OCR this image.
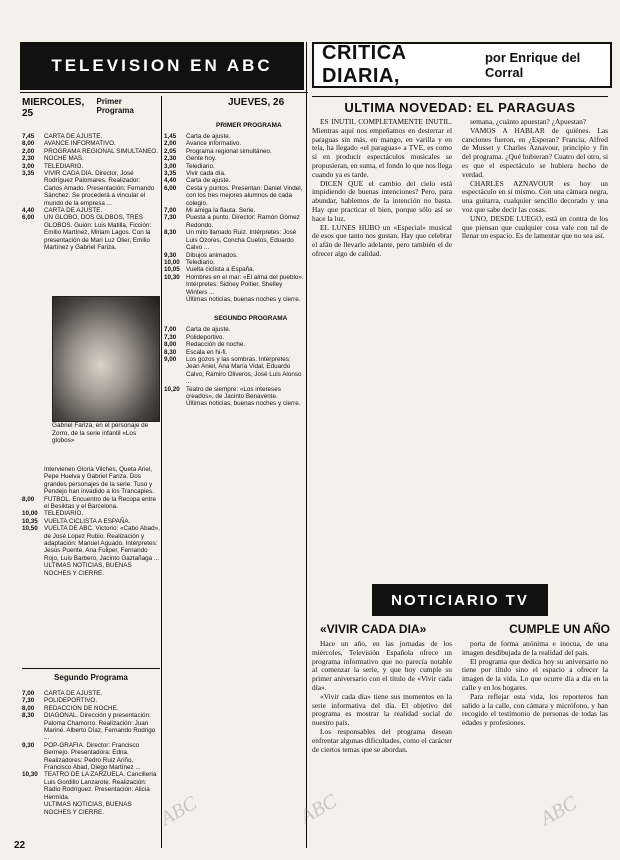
TELEVISION EN ABC
CRITICA DIARIA,
por Enrique del Corral
MIERCOLES, 25
Primer Programa
7,45	CARTA DE AJUSTE.
8,00	AVANCE INFORMATIVO.
2,00	PROGRAMA REGIONAL SIMULTANEO.
2,30	NOCHE MAS.
3,00	TELEDIARIO.
3,35	VIVIR CADA DIA. Director, José Rodríguez Palomares. Realizador: Carlos Amado. Presentación: Fernando Sánchez. Se procederá a vincular el mundo de la empresa ...
4,40	CARTA DE AJUSTE.
6,00	UN GLOBO, DOS GLOBOS, TRES GLOBOS. Guión: Luis Matilla, Ficción: Emilio Martínez, Miriam Lagos. Con la presentación de Mari Luz Olier, Emilio Martínez y Gabriel Fariza.
Gabriel Fariza, en el personaje de Zorro, de la serie infantil «Los globos»
Intervienen Gloria Vilches, Queta Ariel, Pepe Huelva y Gabriel Fariza. Dos grandes personajes de la serie: Tuso y Pendejo han invadido a los Trancapies.
8,00	FUTBOL. Encuentro de la Recopa entre el Besiktas y el Barcelona.
10,00 TELEDIARIO.
10,35 VUELTA CICLISTA A ESPAÑA.
10,50 VUELTA DE ABC. Victorio: «Cabo Abad», de José Lopez Rubio. Realización y adaptación: Manuel Aguado. Intérpretes: Jesús Puente, Ana Fuliper, Fernando Rojo, Luis Barbero, Jacinto Gaztañaga ...
ULTIMAS NOTICIAS, BUENAS NOCHES Y CIERRE.
Segundo Programa
7,00	CARTA DE AJUSTE.
7,30	POLIDEPORTIVO.
8,00	REDACCION DE NOCHE.
8,30	DIAGONAL. Dirección y presentación: Paloma Chamorro. Realización: Juan Mariné. Alberto Díaz, Fernando Rodrigo ...
9,30	POP-GRAFIA. Director: Francisco Bermejo. Presentadora: Edna. Realizadores: Pedro Ruiz Ariño, Francisco Abad, Diego Martínez ...
10,30 TEATRO DE LA ZARZUELA. Cancillería Luis Gordillo Lanzarote. Realización: Radio Rodríguez. Presentación: Alicia Hermida.
ULTIMAS NOTICIAS, BUENAS NOCHES Y CIERRE.
JUEVES, 26
PRIMER PROGRAMA
1,45	Carta de ajuste.
2,00	Avance informativo.
2,05	Programa regional simultáneo.
2,30	Gente hoy.
3,00	Telediario.
3,35	Vivir cada día.
4,40	Carta de ajuste.
6,00	Cesta y puntos. Presentan: Daniel Vindel, con los tres mejores alumnos de cada colegio.
7,00	Mi amiga la flauta. Serie.
7,30	Puesta a punto. Director: Ramón Gómez Redondo.
8,30	Un mito llamado Ruiz. Intérpretes: José Luis Ozores, Concha Cuetos, Eduardo Calvo ...
9,30	Dibujos animados.
10,00 Telediario.
10,05 Vuelta ciclista a España.
10,30 Hombres en el mar: «El alma del pueblo». Intérpretes: Sidney Poitier, Shelley Winters ...
Últimas noticias, buenas noches y cierre.
SEGUNDO PROGRAMA
7,00	Carta de ajuste.
7,30	Polideportivo.
8,00	Redacción de noche.
8,30	Escala en hi-fi.
9,00	Los gozos y las sombras. Intérpretes: Jean Aniel, Ana María Vidal, Eduardo Calvo, Ramiro Oliveros, José Luis Alonso ...
10,20 Teatro de siempre: «Los intereses creados», de Jacinto Benavente.
Últimas noticias, buenas noches y cierre.
ULTIMA NOVEDAD: EL PARAGUAS

ES INUTIL COMPLETAMENTE INUTIL. Mientras aquí nos empeñamos en desterrar el paraguas sin más, en mango, en varilla y en tela, ha llegado «el paraguas» a TVE, es como si en producir espectáculos musicales se propusieran, en suma, el fondo lo que nos llega cuando ya es tarde.

DICEN QUE el cambio del cielo está impidiendo de buenas intenciones? Pero, para abundar, hablemos de la intención no basta. Hay que practicar el bien, porque sólo así se hace la luz.

EL LUNES HUBO un «Especial» musical de esos que tanto nos gustan. Hay que celebrar el afán de llevarlo adelante, pero también el de ofrecer algo de calidad.

semana, ¿cuánto apuestan? ¿Apuestan?

VAMOS A HABLAR de quiénes. Las canciones fueron, en ¿Esperan? Francia, Alfred de Musset y Charles Aznavour, principio y fin del programa. ¿Qué hubieran? Cuatro del otro, si es que el espectáculo se hubiera hecho de verdad.

CHARLES AZNAVOUR es hoy un espectáculo en sí mismo. Con una cámara negra, una guitarra, cualquier sencillo decorado y una voz que sabe decir las cosas.

UNO, DESDE LUEGO, está en contra de los que piensan que cualquier cosa vale con tal de llenar un espacio. Es de lamentar que no sea así.

NOTICIARIO TV
«VIVIR CADA DIA»	CUMPLE UN AÑO

Hace un año, en las jornadas de los miércoles, Televisión Española ofrece un programa informativo que no parecía notable al comenzar la serie, y que hoy cumple su primer aniversario con el título de «Vivir cada día».

«Vivir cada día» tiene sus momentos en la serie informativa del día. El objetivo del programa es mostrar la realidad social de nuestro país.

Los responsables del programa desean enfrentar algunas dificultades, como el carácter de ciertos temas que se abordan.

porta de forma anónima e inocua, de una imagen desdibujada de la realidad del país.

El programa que dedica hoy su aniversario no tiene por título sino el espacio a ofrecer la imagen de la vida. Lo que ocurre día a día en la calle y en los hogares.

Para reflejar esta vida, los reporteros han salido a la calle, con cámara y micrófono, y han recogido el testimonio de personas de todas las edades y profesiones.

22
ABC	ABC	ABC
